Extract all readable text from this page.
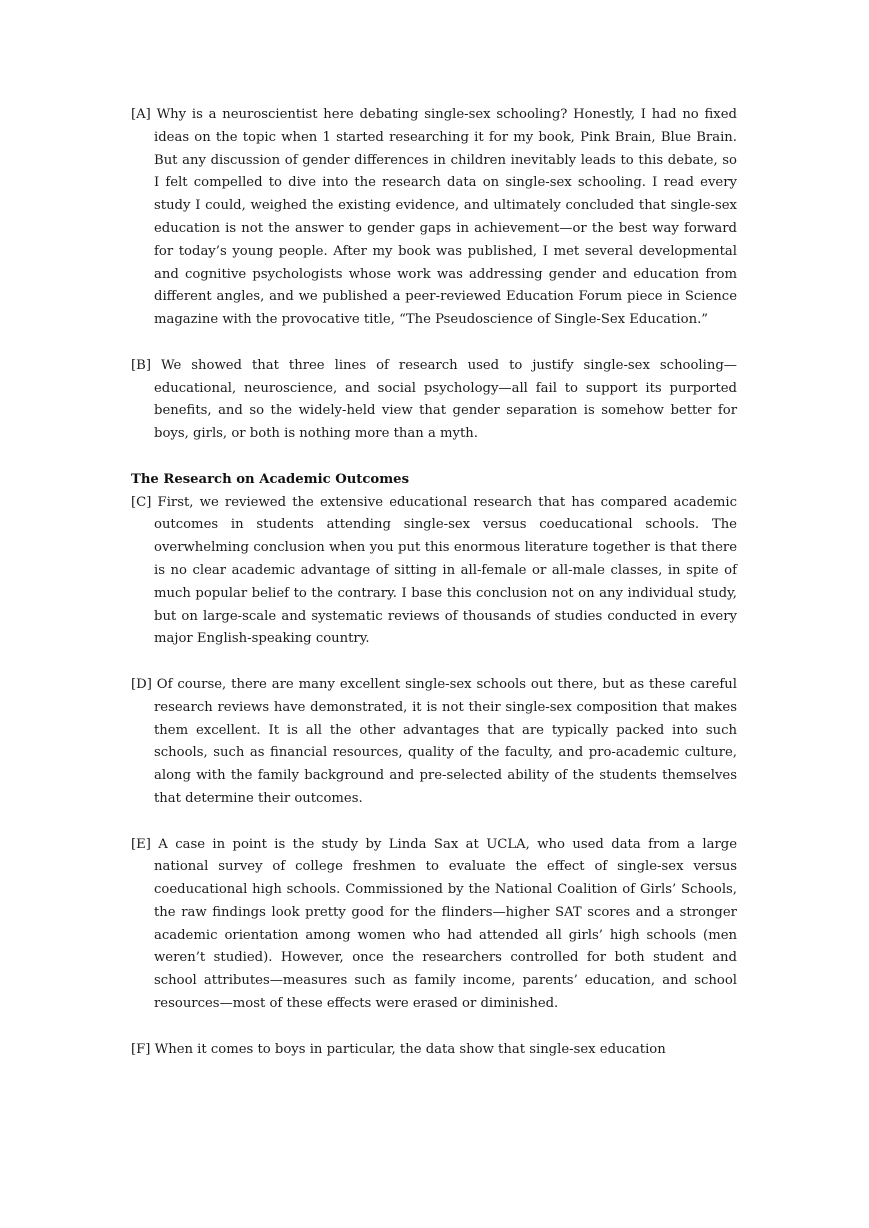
[A] Why is a neuroscientist here debating single-sex schooling? Honestly, I had no fixed ideas on the topic when 1 started researching it for my book, Pink Brain, Blue Brain. But any discussion of gender differences in children inevitably leads to this debate, so I felt compelled to dive into the research data on single-sex schooling. I read every study I could, weighed the existing evidence, and ultimately concluded that single-sex education is not the answer to gender gaps in achievement—or the best way forward for today’s young people. After my book was published, I met several developmental and cognitive psychologists whose work was addressing gender and education from different angles, and we published a peer-reviewed Education Forum piece in Science magazine with the provocative title, “The Pseudoscience of Single-Sex Education.”

[B] We showed that three lines of research used to justify single-sex schooling—educational, neuroscience, and social psychology—all fail to support its purported benefits, and so the widely-held view that gender separation is somehow better for boys, girls, or both is nothing more than a myth.

The Research on Academic Outcomes

[C] First, we reviewed the extensive educational research that has compared academic outcomes in students attending single-sex versus coeducational schools. The overwhelming conclusion when you put this enormous literature together is that there is no clear academic advantage of sitting in all-female or all-male classes, in spite of much popular belief to the contrary. I base this conclusion not on any individual study, but on large-scale and systematic reviews of thousands of studies conducted in every major English-speaking country.

[D] Of course, there are many excellent single-sex schools out there, but as these careful research reviews have demonstrated, it is not their single-sex composition that makes them excellent. It is all the other advantages that are typically packed into such schools, such as financial resources, quality of the faculty, and pro-academic culture, along with the family background and pre-selected ability of the students themselves that determine their outcomes.

[E] A case in point is the study by Linda Sax at UCLA, who used data from a large national survey of college freshmen to evaluate the effect of single-sex versus coeducational high schools. Commissioned by the National Coalition of Girls’ Schools, the raw findings look pretty good for the flinders—higher SAT scores and a stronger academic orientation among women who had attended all girls’ high schools (men weren’t studied). However, once the researchers controlled for both student and school attributes—measures such as family income, parents’ education, and school resources—most of these effects were erased or diminished.

[F] When it comes to boys in particular, the data show that single-sex education
